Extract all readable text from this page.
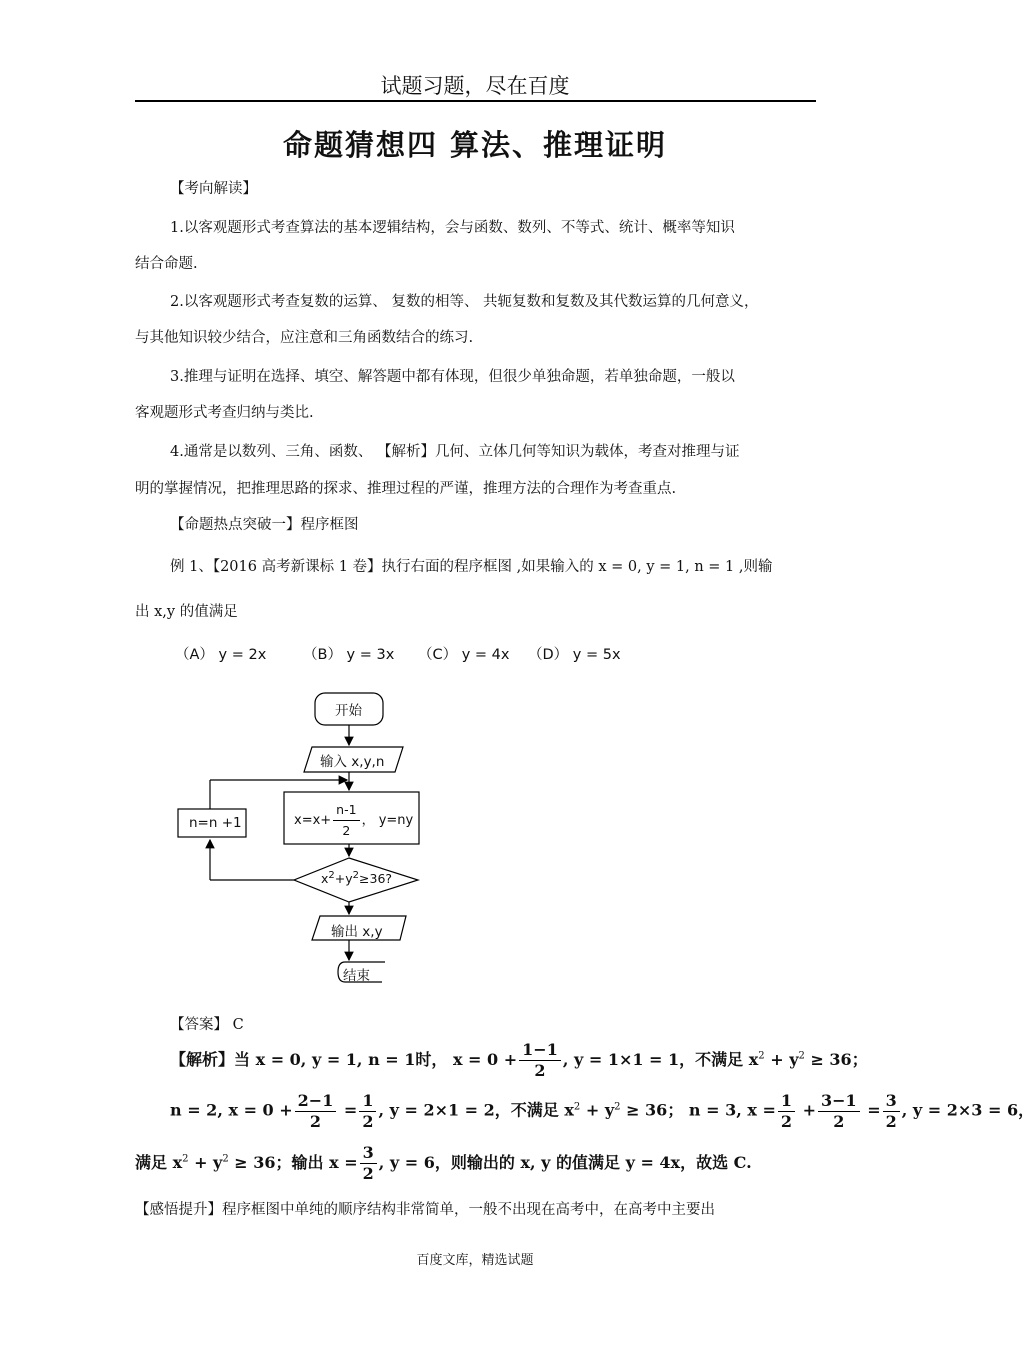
试题习题，尽在百度
命题猜想四 算法、推理证明
【考向解读】
1.以客观题形式考查算法的基本逻辑结构，会与函数、数列、不等式、统计、概率等知识
结合命题.
2.以客观题形式考查复数的运算、 复数的相等、 共轭复数和复数及其代数运算的几何意义，
与其他知识较少结合，应注意和三角函数结合的练习.
3.推理与证明在选择、填空、解答题中都有体现，但很少单独命题，若单独命题，一般以
客观题形式考查归纳与类比.
4.通常是以数列、三角、函数、 【解析】几何、立体几何等知识为载体，考查对推理与证
明的掌握情况，把推理思路的探求、推理过程的严谨，推理方法的合理作为考查重点.
【命题热点突破一】程序框图
例 1、【2016 高考新课标 1 卷】执行右面的程序框图 ,如果输入的 x = 0, y = 1, n = 1 ,则输
出 x,y 的值满足
（A） y = 2x	（B） y = 3x （C） y = 4x （D） y = 5x
开始
输入 x,y,n
$x=x+ \frac{n-1}{2}$ ， y=ny
n=n +1
$x^2+y^2\ge 36$?
输出 x,y
结束
【答案】 C
【解析】当 x = 0, y = 1, n = 1时， $x = 0 + \frac{1-1}{2}$ , y = 1×1 = 1，不满足 $x^2 + y^2 \ge 36$；
n = 2, $x = 0 + \frac{2-1}{2} = \frac{1}{2}$ , y = 2×1 = 2，不满足 $x^2 + y^2 \ge 36$； n = 3, $x = \frac{1}{2} + \frac{3-1}{2} = \frac{3}{2}$ , y = 2×3 = 6，
满足 $x^2 + y^2 \ge 36$；输出 $x = \frac{3}{2}$ , y = 6，则输出的 x, y 的值满足 y = 4x，故选 C.
【感悟提升】程序框图中单纯的顺序结构非常简单，一般不出现在高考中，在高考中主要出
百度文库，精选试题
